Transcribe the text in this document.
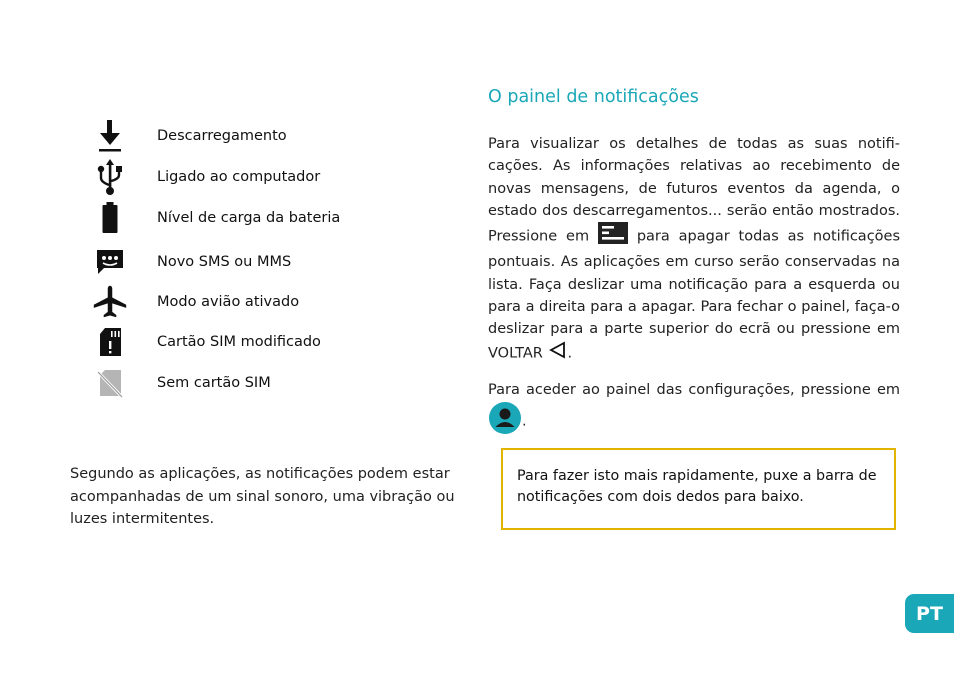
Descarregamento
Ligado ao computador
Nível de carga da bateria
Novo SMS ou MMS
Modo avião ativado
Cartão SIM modificado
Sem cartão SIM
Segundo as aplicações, as notificações podem estar acompanhadas de um sinal sonoro, uma vibração ou luzes intermitentes.
O painel de notificações
Para visualizar os detalhes de todas as suas notifi-cações. As informações relativas ao recebimento de novas mensagens, de futuros eventos da agenda, o estado dos descarregamentos... serão então mostrados. Pressione em  para apagar todas as notificações pontuais. As aplicações em curso serão conservadas na lista. Faça deslizar uma notificação para a esquerda ou para a direita para a apagar. Para fechar o painel, faça-o deslizar para a parte superior do ecrã ou pressione em VOLTAR .
Para aceder ao painel das configurações, pressione em .
Para fazer isto mais rapidamente, puxe a barra de notificações com dois dedos para baixo.
PT
